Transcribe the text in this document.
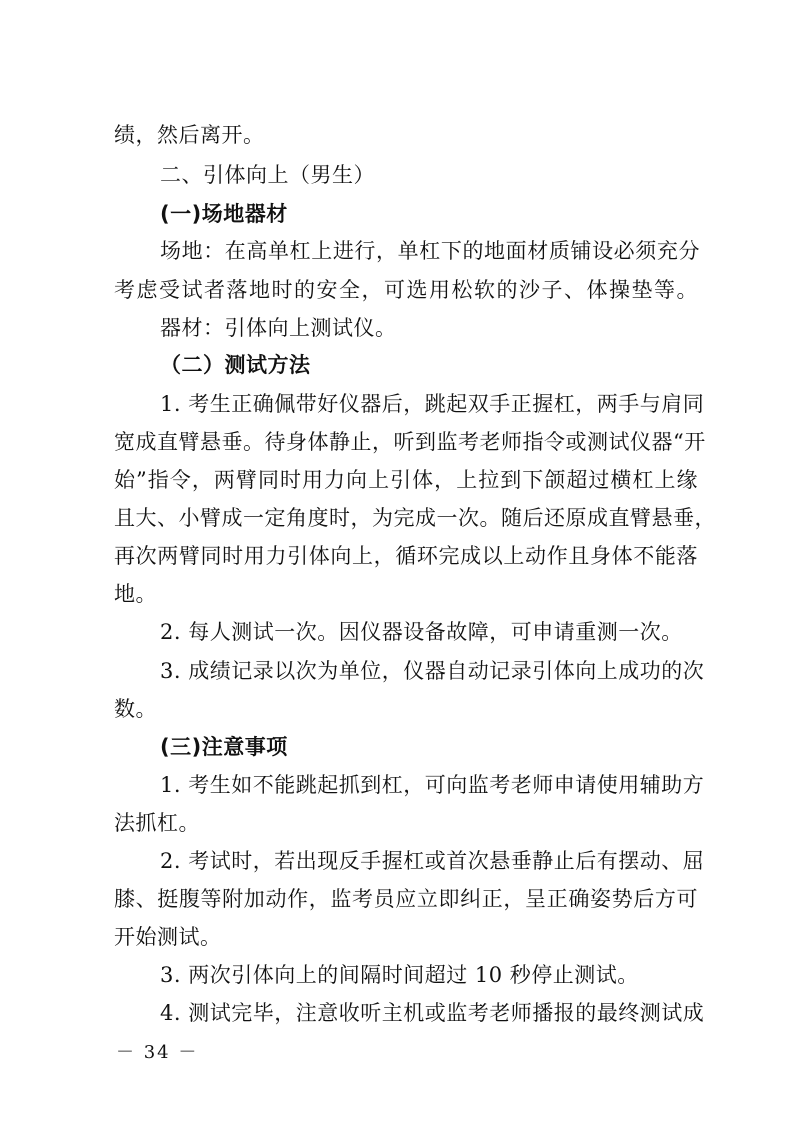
绩，然后离开。
二、引体向上（男生）
(一)场地器材
场地：在高单杠上进行，单杠下的地面材质铺设必须充分
考虑受试者落地时的安全，可选用松软的沙子、体操垫等。
器材：引体向上测试仪。
（二）测试方法
1. 考生正确佩带好仪器后，跳起双手正握杠，两手与肩同
宽成直臂悬垂。待身体静止，听到监考老师指令或测试仪器“开
始”指令，两臂同时用力向上引体，上拉到下颌超过横杠上缘
且大、小臂成一定角度时，为完成一次。随后还原成直臂悬垂，
再次两臂同时用力引体向上，循环完成以上动作且身体不能落
地。
2. 每人测试一次。因仪器设备故障，可申请重测一次。
3. 成绩记录以次为单位，仪器自动记录引体向上成功的次
数。
(三)注意事项
1. 考生如不能跳起抓到杠，可向监考老师申请使用辅助方
法抓杠。
2. 考试时，若出现反手握杠或首次悬垂静止后有摆动、屈
膝、挺腹等附加动作，监考员应立即纠正，呈正确姿势后方可
开始测试。
3. 两次引体向上的间隔时间超过 10 秒停止测试。
4. 测试完毕，注意收听主机或监考老师播报的最终测试成
－ 34 －
